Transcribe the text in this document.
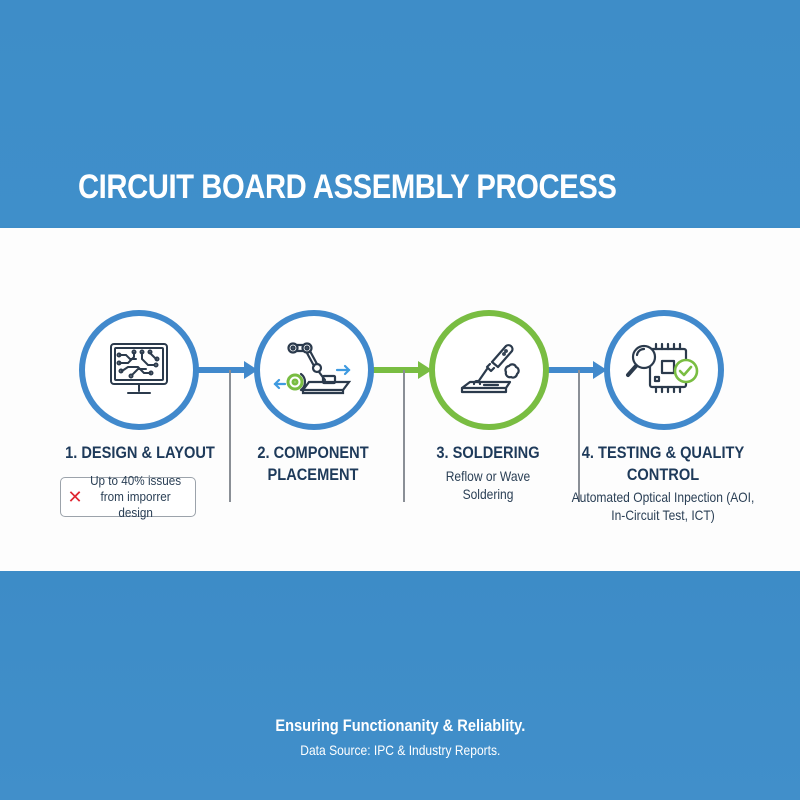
CIRCUIT BOARD ASSEMBLY PROCESS
1. DESIGN & LAYOUT
✕
Up to 40% issues
from imporrer design
2. COMPONENT
PLACEMENT
3. SOLDERING
Reflow or Wave
Soldering
4. TESTING & QUALITY
CONTROL
Automated Optical Inpection (AOI,
In-Circuit Test, ICT)
Ensuring Functionanity & Reliablity.
Data Source: IPC & Industry Reports.
